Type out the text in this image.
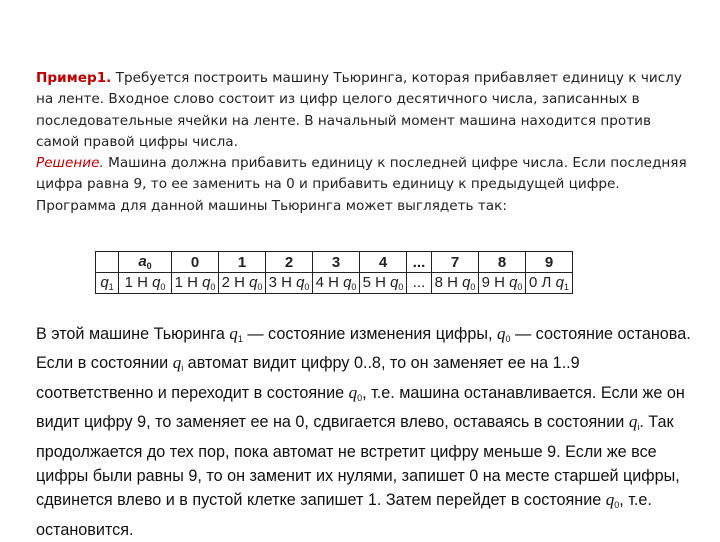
Пример1. Требуется построить машину Тьюринга, которая прибавляет единицу к числу на ленте. Входное слово состоит из цифр целого десятичного числа, записанных в последовательные ячейки на ленте. В начальный момент машина находится против самой правой цифры числа.
Решение. Машина должна прибавить единицу к последней цифре числа. Если последняя цифра равна 9, то ее заменить на 0 и прибавить единицу к предыдущей цифре. Программа для данной машины Тьюринга может выглядеть так:
	$a_0$	0	1	2	3	4	...	7	8	9
$q_1$	1 Н $q_0$	1 Н $q_0$	2 Н $q_0$	3 Н $q_0$	4 Н $q_0$	5 Н $q_0$	...	8 Н $q_0$	9 Н $q_0$	0 Л $q_1$
В этой машине Тьюринга $q_1$ — состояние изменения цифры, $q_0$ — состояние останова. Если в состоянии $q_i$ автомат видит цифру 0..8, то он заменяет ее на 1..9 соответственно и переходит в состояние $q_0$, т.е. машина останавливается. Если же он видит цифру 9, то заменяет ее на 0, сдвигается влево, оставаясь в состоянии $q_i$. Так продолжается до тех пор, пока автомат не встретит цифру меньше 9. Если же все цифры были равны 9, то он заменит их нулями, запишет 0 на месте старшей цифры, сдвинется влево и в пустой клетке запишет 1. Затем перейдет в состояние $q_0$, т.е. остановится.
